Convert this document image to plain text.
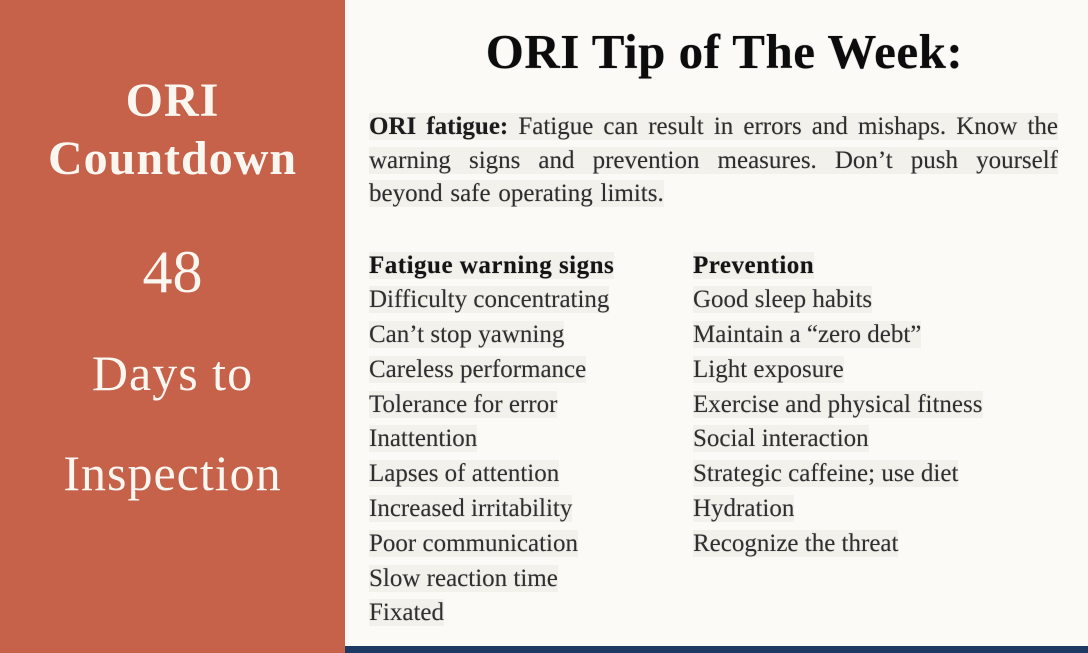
ORI
Countdown
48
Days to
Inspection
ORI Tip of The Week:

ORI fatigue: Fatigue can result in errors and mishaps. Know the warning signs and prevention measures. Don’t push yourself beyond safe operating limits.

Fatigue warning signs
Difficulty concentrating
Can’t stop yawning
Careless performance
Tolerance for error
Inattention
Lapses of attention
Increased irritability
Poor communication
Slow reaction time
Fixated
Prevention
Good sleep habits
Maintain a “zero debt”
Light exposure
Exercise and physical fitness
Social interaction
Strategic caffeine; use diet
Hydration
Recognize the threat
